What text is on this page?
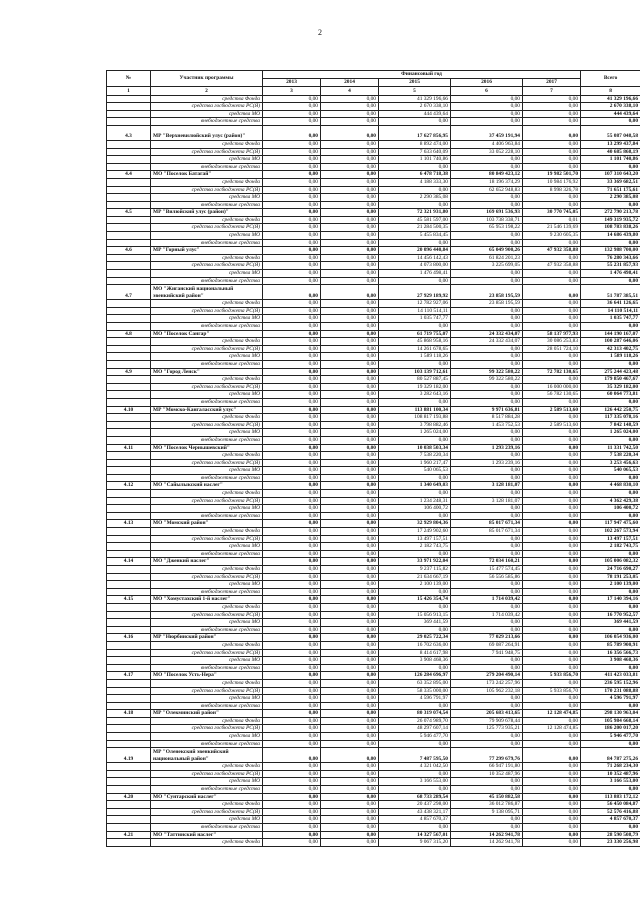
2
№	Участник программы	Финансовый год					Всего
		2013	2014	2015	2016	2017	
1	2	3	4	5	6	7	8
	средства Фонда	0,00	0,00	41 329 196,66	0,00	0,00	41 329 196,66
	средства госбюджета РС(Я)	0,00	0,00	2 670 338,10	0,00	0,00	2 670 338,10
	средства МО	0,00	0,00	444 439,64	0,00	0,00	444 439,64
	внебюджетные средства	0,00	0,00	0,00	0,00	0,00	0,00
4.3	МР "Верхневилюйский улус (район)"	0,00	0,00	17 627 856,95	37 459 191,94	0,00	55 087 048,58
	средства Фонда	0,00	0,00	8 892 474,00	4 406 963,84	0,00	13 299 437,84
	средства госбюджета РС(Я)	0,00	0,00	7 633 640,09	33 052 228,10	0,00	40 685 868,19
	средства МО	0,00	0,00	1 101 740,86	0,00	0,00	1 101 740,86
	внебюджетные средства	0,00	0,00	0,00	0,00	0,00	0,00
4.4	МО "Поселок Батагай"	0,00	0,00	6 478 718,38	80 849 423,12	19 982 501,70	107 310 643,20
	средства Фонда	0,00	0,00	4 188 333,30	18 196 374,29	10 984 176,92	33 369 682,51
	средства госбюджета РС(Я)	0,00	0,00	0,00	62 652 948,83	8 998 326,78	71 651 175,61
	средства МО	0,00	0,00	2 290 385,08	0,00	0,00	2 290 385,08
	внебюджетные средства	0,00	0,00	0,00	0,00	0,00	0,00
4.5	МР "Вилюйский улус (район)"	0,00	0,00	72 321 931,80	169 691 536,93	30 770 745,05	272 790 213,78
	средства Фонда	0,00	0,00	45 581 597,00	103 738 338,71	0,01	149 319 935,72
	средства госбюджета РС(Я)	0,00	0,00	21 284 500,35	65 953 198,22	21 546 139,69	108 783 838,26
	средства МО	0,00	0,00	5 455 834,45	0,00	9 230 605,35	14 686 439,80
	внебюджетные средства	0,00	0,00	0,00	0,00	0,00	0,00
4.6	МР "Горный улус"	0,00	0,00	20 096 440,84	65 049 900,26	47 932 358,88	132 988 700,00
	средства Фонда	0,00	0,00	14 456 142,43	61 824 201,23	0,00	76 280 343,66
	средства госбюджета РС(Я)	0,00	0,00	4 073 800,00	3 225 699,05	47 932 358,88	55 231 857,93
	средства МО	0,00	0,00	1 476 498,41	0,00	0,00	1 476 498,41
	внебюджетные средства	0,00	0,00	0,00	0,00	0,00	0,00
4.7	МО "Жиганский национальный эвенкийский район"	0,00	0,00	27 929 189,92	23 858 195,59	0,00	51 787 385,51
	средства Фонда	0,00	0,00	12 782 927,06	23 858 195,59	0,00	36 641 126,65
	средства госбюджета РС(Я)	0,00	0,00	14 110 514,11	0,00	0,00	14 110 514,11
	средства МО	0,00	0,00	1 035 747,77	0,00	0,00	1 035 747,77
	внебюджетные средства	0,00	0,00	0,00	0,00	0,00	0,00
4.8	МО "Поселок Сангар"	0,00	0,00	61 719 755,07	24 332 434,07	58 137 977,93	144 190 167,07
	средства Фонда	0,00	0,00	45 868 958,16	24 332 434,07	30 086 253,83	100 287 646,06
	средства госбюджета РС(Я)	0,00	0,00	14 261 678,65	0,00	28 051 724,10	42 313 402,75
	средства МО	0,00	0,00	1 589 118,26	0,00	0,00	1 589 118,26
	внебюджетные средства	0,00	0,00	0,00	0,00	0,00	0,00
4.9	МО "Город Ленск"	0,00	0,00	103 139 712,61	99 322 580,22	72 782 130,65	275 244 423,48
	средства Фонда	0,00	0,00	80 527 887,45	99 322 580,22	0,00	179 850 467,67
	средства госбюджета РС(Я)	0,00	0,00	19 329 182,00	0,00	16 000 000,00	35 329 182,00
	средства МО	0,00	0,00	3 282 643,16	0,00	56 782 130,65	60 064 773,81
	внебюджетные средства	0,00	0,00	0,00	0,00	0,00	0,00
4.10	МР "Момско-Кангаласский улус"	0,00	0,00	113 881 100,34	9 971 636,81	2 589 513,60	126 442 250,75
	средства Фонда	0,00	0,00	108 817 193,88	8 517 884,28	0,00	117 335 078,16
	средства госбюджета РС(Я)	0,00	0,00	3 798 882,46	1 453 752,53	2 589 513,60	7 842 148,59
	средства МО	0,00	0,00	1 265 024,00	0,00	0,00	1 265 024,00
	внебюджетные средства	0,00	0,00	0,00	0,00	0,00	0,00
4.11	МО "Поселок Чернышевский"	0,00	0,00	10 038 503,34	1 293 239,16	0,00	11 331 742,50
	средства Фонда	0,00	0,00	7 538 220,34	0,00	0,00	7 538 220,34
	средства госбюджета РС(Я)	0,00	0,00	1 960 217,47	1 293 239,16	0,00	3 253 456,63
	средства МО	0,00	0,00	540 065,53	0,00	0,00	540 065,53
	внебюджетные средства	0,00	0,00	0,00	0,00	0,00	0,00
4.12	МО "Сайылыкский наслег"	0,00	0,00	1 340 649,03	3 128 181,07	0,00	4 468 830,10
	средства Фонда	0,00	0,00	0,00	0,00	0,00	0,00
	средства госбюджета РС(Я)	0,00	0,00	1 234 248,31	3 128 181,07	0,00	4 362 429,38
	средства МО	0,00	0,00	106 400,72	0,00	0,00	106 400,72
	внебюджетные средства	0,00	0,00	0,00	0,00	0,00	0,00
4.13	МО "Момский район"	0,00	0,00	32 929 804,36	85 017 671,34	0,00	117 947 475,60
	средства Фонда	0,00	0,00	17 249 902,60	85 017 671,34	0,00	102 267 573,94
	средства госбюджета РС(Я)	0,00	0,00	13 497 157,51	0,00	0,00	13 497 157,51
	средства МО	0,00	0,00	2 182 743,75	0,00	0,00	2 182 743,75
	внебюджетные средства	0,00	0,00	0,00	0,00	0,00	0,00
4.14	МО "Дженкий наслег"	0,00	0,00	33 971 922,04	72 034 160,21	0,00	105 006 082,32
	средства Фонда	0,00	0,00	9 237 115,82	15 477 574,45	0,00	24 716 690,27
	средства госбюджета РС(Я)	0,00	0,00	21 634 667,19	56 556 585,86	0,00	78 191 253,05
	средства МО	0,00	0,00	2 100 139,00	0,00	0,00	2 100 139,00
	внебюджетные средства	0,00	0,00	0,00	0,00	0,00	0,00
4.15	МО "Хомустахский 1-й наслег"	0,00	0,00	15 426 354,74	1 714 039,42	0,00	17 140 394,16
	средства Фонда	0,00	0,00	0,00	0,00	0,00	0,00
	средства госбюджета РС(Я)	0,00	0,00	15 056 913,15	1 714 039,42	0,00	16 770 952,57
	средства МО	0,00	0,00	369 441,59	0,00	0,00	369 441,59
	внебюджетные средства	0,00	0,00	0,00	0,00	0,00	0,00
4.16	МР "Нюрбинский район"	0,00	0,00	29 025 722,34	77 029 213,66	0,00	106 054 936,00
	средства Фонда	0,00	0,00	16 702 636,00	69 087 264,91	0,00	85 789 900,91
	средства госбюджета РС(Я)	0,00	0,00	8 414 617,98	7 941 948,75	0,00	16 356 566,73
	средства МО	0,00	0,00	3 908 468,36	0,00	0,00	3 908 468,36
	внебюджетные средства	0,00	0,00	0,00	0,00	0,00	0,00
4.17	МО "Поселок Усть-Нера"	0,00	0,00	126 284 696,97	279 204 490,14	5 933 856,70	411 423 033,81
	средства Фонда	0,00	0,00	63 352 895,00	173 242 257,96	0,00	236 595 152,96
	средства госбюджета РС(Я)	0,00	0,00	58 335 000,00	105 962 232,18	5 933 856,70	170 231 088,88
	средства МО	0,00	0,00	4 596 791,97	0,00	0,00	4 596 791,97
	внебюджетные средства	0,00	0,00	0,00	0,00	0,00	0,00
4.18	МР "Олекминский район"	0,00	0,00	80 319 074,54	205 683 413,65	12 128 474,85	298 130 963,04
	средства Фонда	0,00	0,00	26 074 989,70	79 909 678,44	0,00	105 984 668,14
	средства госбюджета РС(Я)	0,00	0,00	48 297 607,14	125 773 935,21	12 128 474,85	186 200 017,20
	средства МО	0,00	0,00	5 946 477,70	0,00	0,00	5 946 477,70
	внебюджетные средства	0,00	0,00	0,00	0,00	0,00	0,00
4.19	МР "Оленекский эвенкийский национальный район"	0,00	0,00	7 487 595,50	77 299 679,76	0,00	84 787 275,26
	средства Фонда	0,00	0,00	4 321 042,50	66 947 191,80	0,00	71 268 234,30
	средства госбюджета РС(Я)	0,00	0,00	0,00	10 352 487,96	0,00	10 352 487,96
	средства МО	0,00	0,00	3 166 553,00	0,00	0,00	3 166 553,00
	внебюджетные средства	0,00	0,00	0,00	0,00	0,00	0,00
4.20	МО "Сунтарский наслег"	0,00	0,00	68 733 289,54	45 150 882,58	0,00	113 883 172,12
	средства Фонда	0,00	0,00	20 437 298,00	36 012 786,87	0,00	56 450 084,87
	средства госбюджета РС(Я)	0,00	0,00	43 438 321,17	9 138 095,71	0,00	52 576 416,88
	средства МО	0,00	0,00	4 857 670,37	0,00	0,00	4 857 670,37
	внебюджетные средства	0,00	0,00	0,00	0,00	0,00	0,00
4.21	МО "Таттинский наслег"	0,00	0,00	14 327 567,01	14 262 941,78	0,00	28 590 508,79
	средства Фонда	0,00	0,00	9 067 315,20	14 262 941,78	0,00	23 330 256,98
